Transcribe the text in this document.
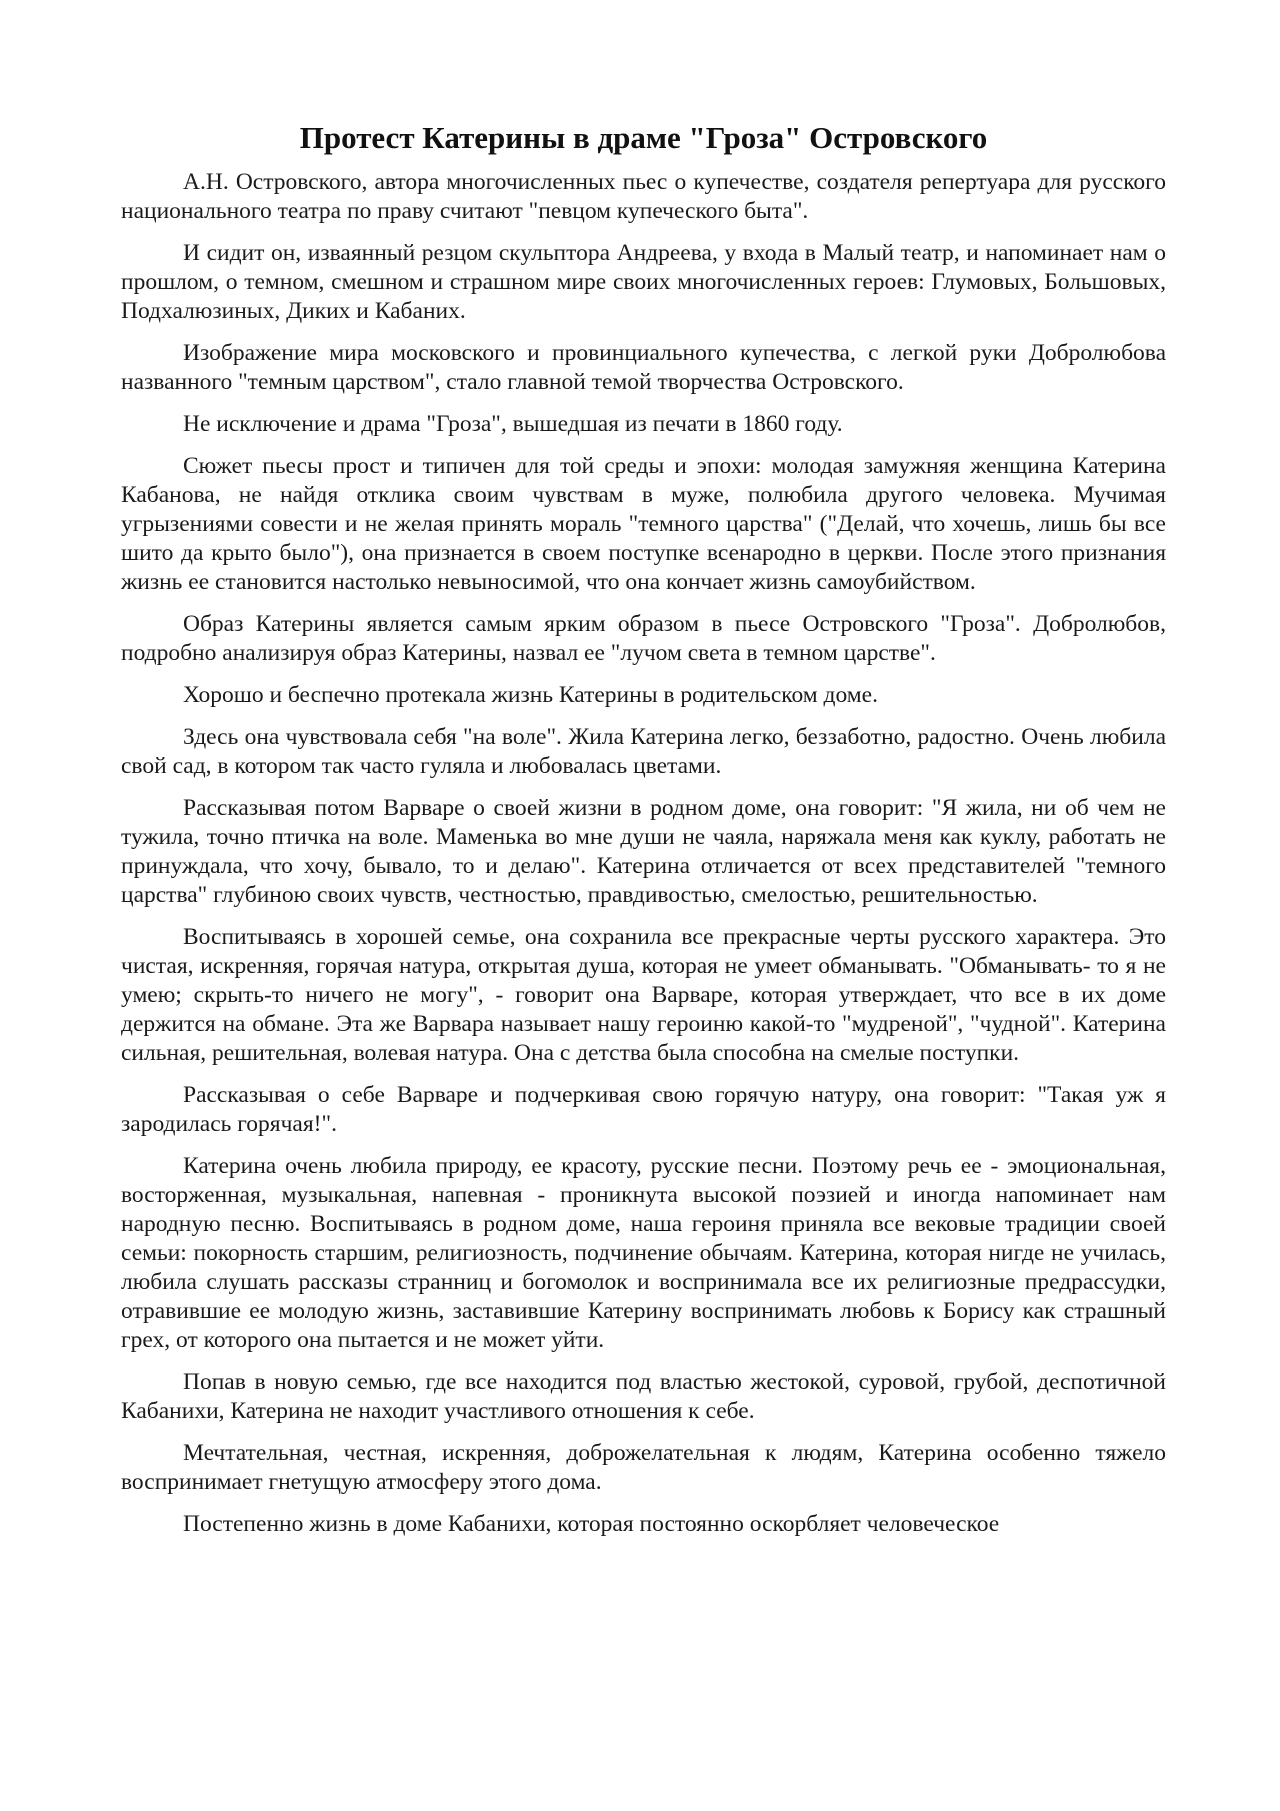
Протест Катерины в драме "Гроза" Островского

А.Н. Островского, автора многочисленных пьес о купечестве, создателя репертуара для русского национального театра по праву считают "певцом купеческого быта".

И сидит он, изваянный резцом скульптора Андреева, у входа в Малый театр, и напоминает нам о прошлом, о темном, смешном и страшном мире своих многочисленных героев: Глумовых, Большовых, Подхалюзиных, Диких и Кабаних.

Изображение мира московского и провинциального купечества, с легкой руки Добролюбова названного "темным царством", стало главной темой творчества Островского.

Не исключение и драма "Гроза", вышедшая из печати в 1860 году.

Сюжет пьесы прост и типичен для той среды и эпохи: молодая замужняя женщина Катерина Кабанова, не найдя отклика своим чувствам в муже, полюбила другого человека. Мучимая угрызениями совести и не желая принять мораль "темного царства" ("Делай, что хочешь, лишь бы все шито да крыто было"), она признается в своем поступке всенародно в церкви. После этого признания жизнь ее становится настолько невыносимой, что она кончает жизнь самоубийством.

Образ Катерины является самым ярким образом в пьесе Островского "Гроза". Добролюбов, подробно анализируя образ Катерины, назвал ее "лучом света в темном царстве".

Хорошо и беспечно протекала жизнь Катерины в родительском доме.

Здесь она чувствовала себя "на воле". Жила Катерина легко, беззаботно, радостно. Очень любила свой сад, в котором так часто гуляла и любовалась цветами.

Рассказывая потом Варваре о своей жизни в родном доме, она говорит: "Я жила, ни об чем не тужила, точно птичка на воле. Маменька во мне души не чаяла, наряжала меня как куклу, работать не принуждала, что хочу, бывало, то и делаю". Катерина отличается от всех представителей "темного царства" глубиною своих чувств, честностью, правдивостью, смелостью, решительностью.

Воспитываясь в хорошей семье, она сохранила все прекрасные черты русского характера. Это чистая, искренняя, горячая натура, открытая душа, которая не умеет обманывать. "Обманывать- то я не умею; скрыть-то ничего не могу", - говорит она Варваре, которая утверждает, что все в их доме держится на обмане. Эта же Варвара называет нашу героиню какой-то "мудреной", "чудной". Катерина сильная, решительная, волевая натура. Она с детства была способна на смелые поступки.

Рассказывая о себе Варваре и подчеркивая свою горячую натуру, она говорит: "Такая уж я зародилась горячая!".

Катерина очень любила природу, ее красоту, русские песни. Поэтому речь ее - эмоциональная, восторженная, музыкальная, напевная - проникнута высокой поэзией и иногда напоминает нам народную песню. Воспитываясь в родном доме, наша героиня приняла все вековые традиции своей семьи: покорность старшим, религиозность, подчинение обычаям. Катерина, которая нигде не училась, любила слушать рассказы странниц и богомолок и воспринимала все их религиозные предрассудки, отравившие ее молодую жизнь, заставившие Катерину воспринимать любовь к Борису как страшный грех, от которого она пытается и не может уйти.

Попав в новую семью, где все находится под властью жестокой, суровой, грубой, деспотичной Кабанихи, Катерина не находит участливого отношения к себе.

Мечтательная, честная, искренняя, доброжелательная к людям, Катерина особенно тяжело воспринимает гнетущую атмосферу этого дома.

Постепенно жизнь в доме Кабанихи, которая постоянно оскорбляет человеческое
